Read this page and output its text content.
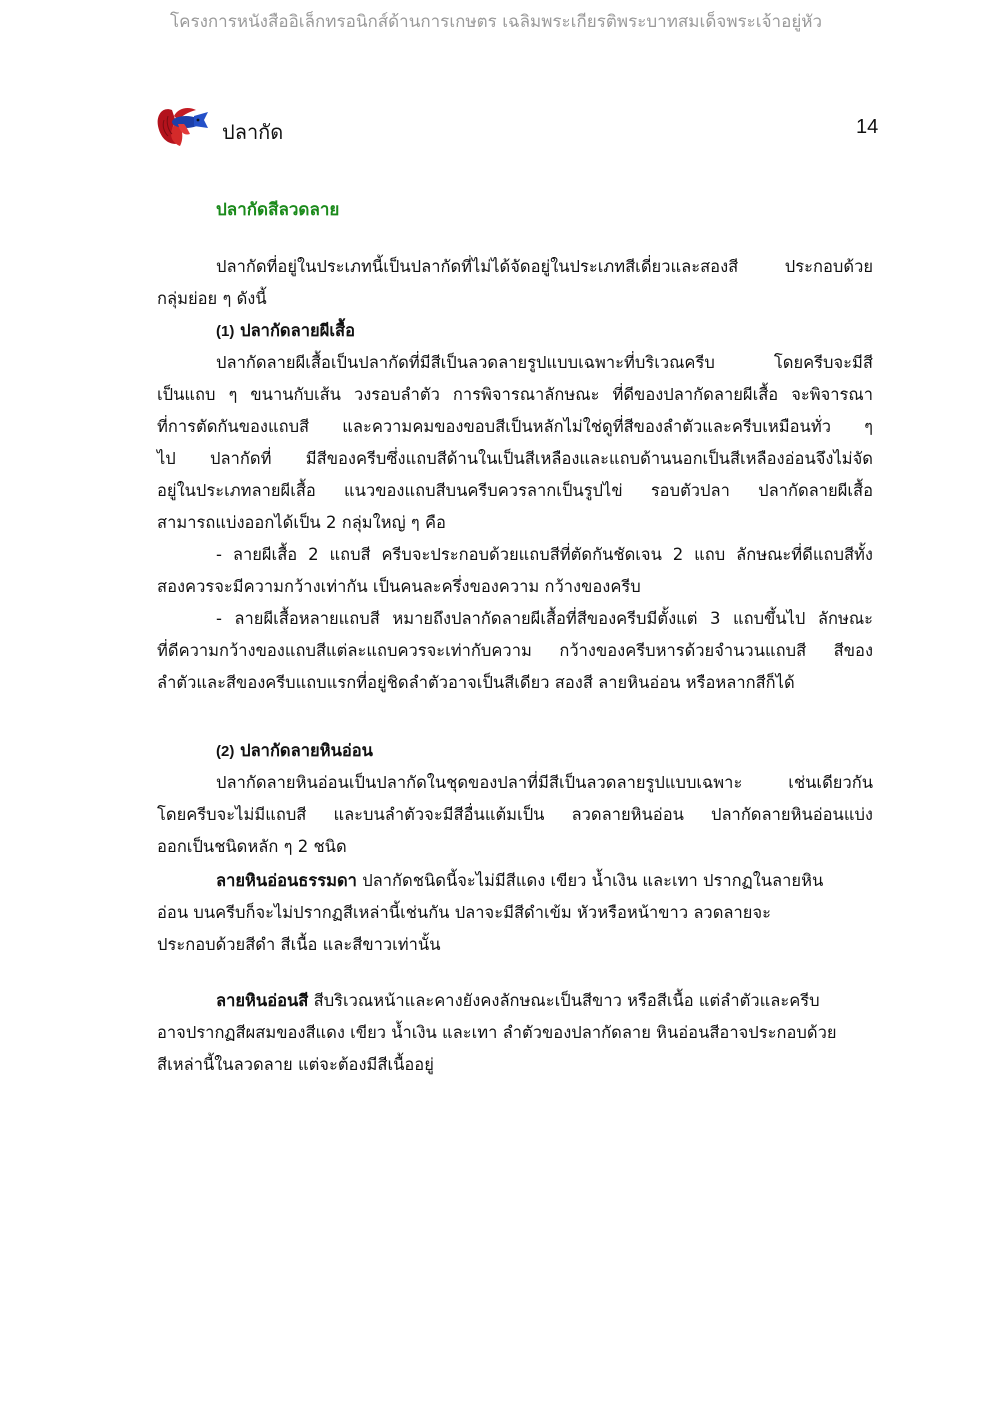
โครงการหนังสืออิเล็กทรอนิกส์ด้านการเกษตร เฉลิมพระเกียรติพระบาทสมเด็จพระเจ้าอยู่หัว
ปลากัด	14
ปลากัดสีลวดลาย
ปลากัดที่อยู่ในประเภทนี้เป็นปลากัดที่ไม่ได้จัดอยู่ในประเภทสีเดี่ยวและสองสี ประกอบด้วย
กลุ่มย่อย ๆ ดังนี้
(1) ปลากัดลายผีเสื้อ
ปลากัดลายผีเสื้อเป็นปลากัดที่มีสีเป็นลวดลายรูปแบบเฉพาะที่บริเวณครีบ โดยครีบจะมีสี
เป็นแถบ ๆ ขนานกับเส้น วงรอบลำตัว การพิจารณาลักษณะ ที่ดีของปลากัดลายผีเสื้อ จะพิจารณา
ที่การตัดกันของแถบสี และความคมของขอบสีเป็นหลักไม่ใช่ดูที่สีของลำตัวและครีบเหมือนทั่ว ๆ
ไป ปลากัดที่ มีสีของครีบซึ่งแถบสีด้านในเป็นสีเหลืองและแถบด้านนอกเป็นสีเหลืองอ่อนจึงไม่จัด
อยู่ในประเภทลายผีเสื้อ แนวของแถบสีบนครีบควรลากเป็นรูปไข่ รอบตัวปลา ปลากัดลายผีเสื้อ
สามารถแบ่งออกได้เป็น 2 กลุ่มใหญ่ ๆ คือ
- ลายผีเสื้อ 2 แถบสี ครีบจะประกอบด้วยแถบสีที่ตัดกันชัดเจน 2 แถบ ลักษณะที่ดีแถบสีทั้ง
สองควรจะมีความกว้างเท่ากัน เป็นคนละครึ่งของความ กว้างของครีบ
- ลายผีเสื้อหลายแถบสี หมายถึงปลากัดลายผีเสื้อที่สีของครีบมีตั้งแต่ 3 แถบขึ้นไป ลักษณะ
ที่ดีความกว้างของแถบสีแต่ละแถบควรจะเท่ากับความ กว้างของครีบหารด้วยจำนวนแถบสี สีของ
ลำตัวและสีของครีบแถบแรกที่อยู่ชิดลำตัวอาจเป็นสีเดียว สองสี ลายหินอ่อน หรือหลากสีก็ได้
(2) ปลากัดลายหินอ่อน
ปลากัดลายหินอ่อนเป็นปลากัดในชุดของปลาที่มีสีเป็นลวดลายรูปแบบเฉพาะ เช่นเดียวกัน
โดยครีบจะไม่มีแถบสี และบนลำตัวจะมีสีอื่นแต้มเป็น ลวดลายหินอ่อน ปลากัดลายหินอ่อนแบ่ง
ออกเป็นชนิดหลัก ๆ 2 ชนิด
ลายหินอ่อนธรรมดา ปลากัดชนิดนี้จะไม่มีสีแดง เขียว น้ำเงิน และเทา ปรากฏในลายหิน
อ่อน บนครีบก็จะไม่ปรากฏสีเหล่านี้เช่นกัน ปลาจะมีสีดำเข้ม หัวหรือหน้าขาว ลวดลายจะ
ประกอบด้วยสีดำ สีเนื้อ และสีขาวเท่านั้น
ลายหินอ่อนสี สีบริเวณหน้าและคางยังคงลักษณะเป็นสีขาว หรือสีเนื้อ แต่ลำตัวและครีบ
อาจปรากฏสีผสมของสีแดง เขียว น้ำเงิน และเทา ลำตัวของปลากัดลาย หินอ่อนสีอาจประกอบด้วย
สีเหล่านี้ในลวดลาย แต่จะต้องมีสีเนื้ออยู่
